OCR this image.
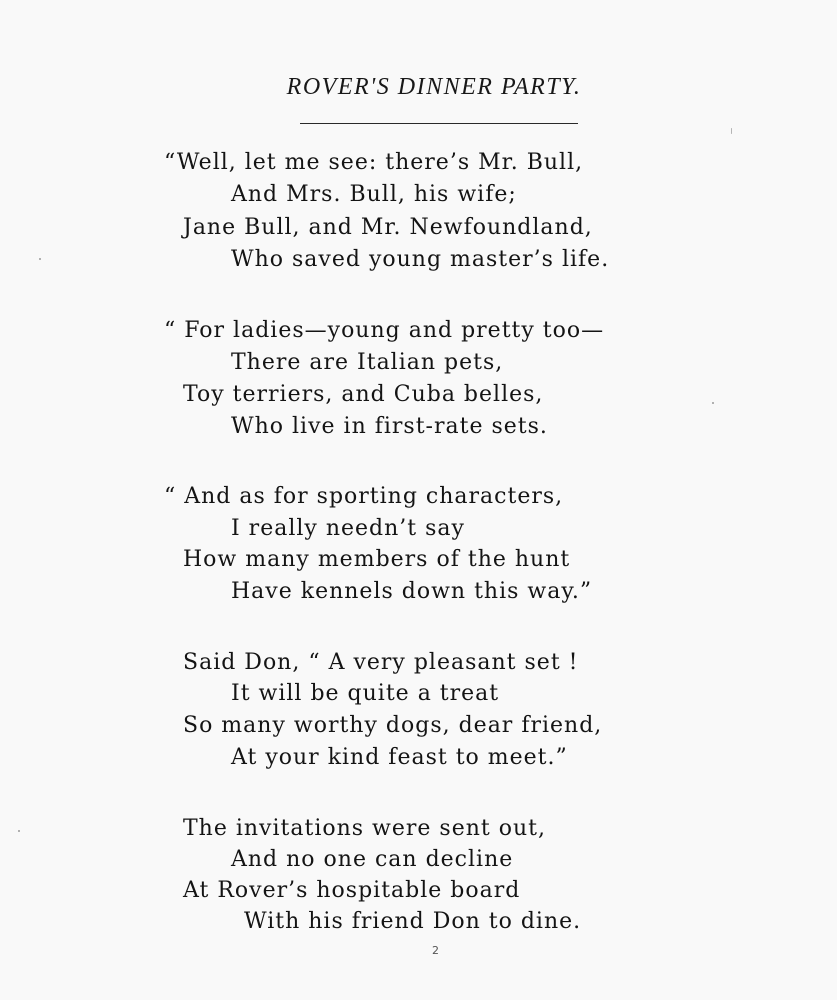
ROVER'S DINNER PARTY.
“Well, let me see: there’s Mr. Bull,
And Mrs. Bull, his wife;
Jane Bull, and Mr. Newfoundland,
Who saved young master’s life.
“ For ladies—young and pretty too—
There are Italian pets,
Toy terriers, and Cuba belles,
Who live in first-rate sets.
“ And as for sporting characters,
I really needn’t say
How many members of the hunt
Have kennels down this way.”
Said Don, “ A very pleasant set !
It will be quite a treat
So many worthy dogs, dear friend,
At your kind feast to meet.”
The invitations were sent out,
And no one can decline
At Rover’s hospitable board
With his friend Don to dine.
2
